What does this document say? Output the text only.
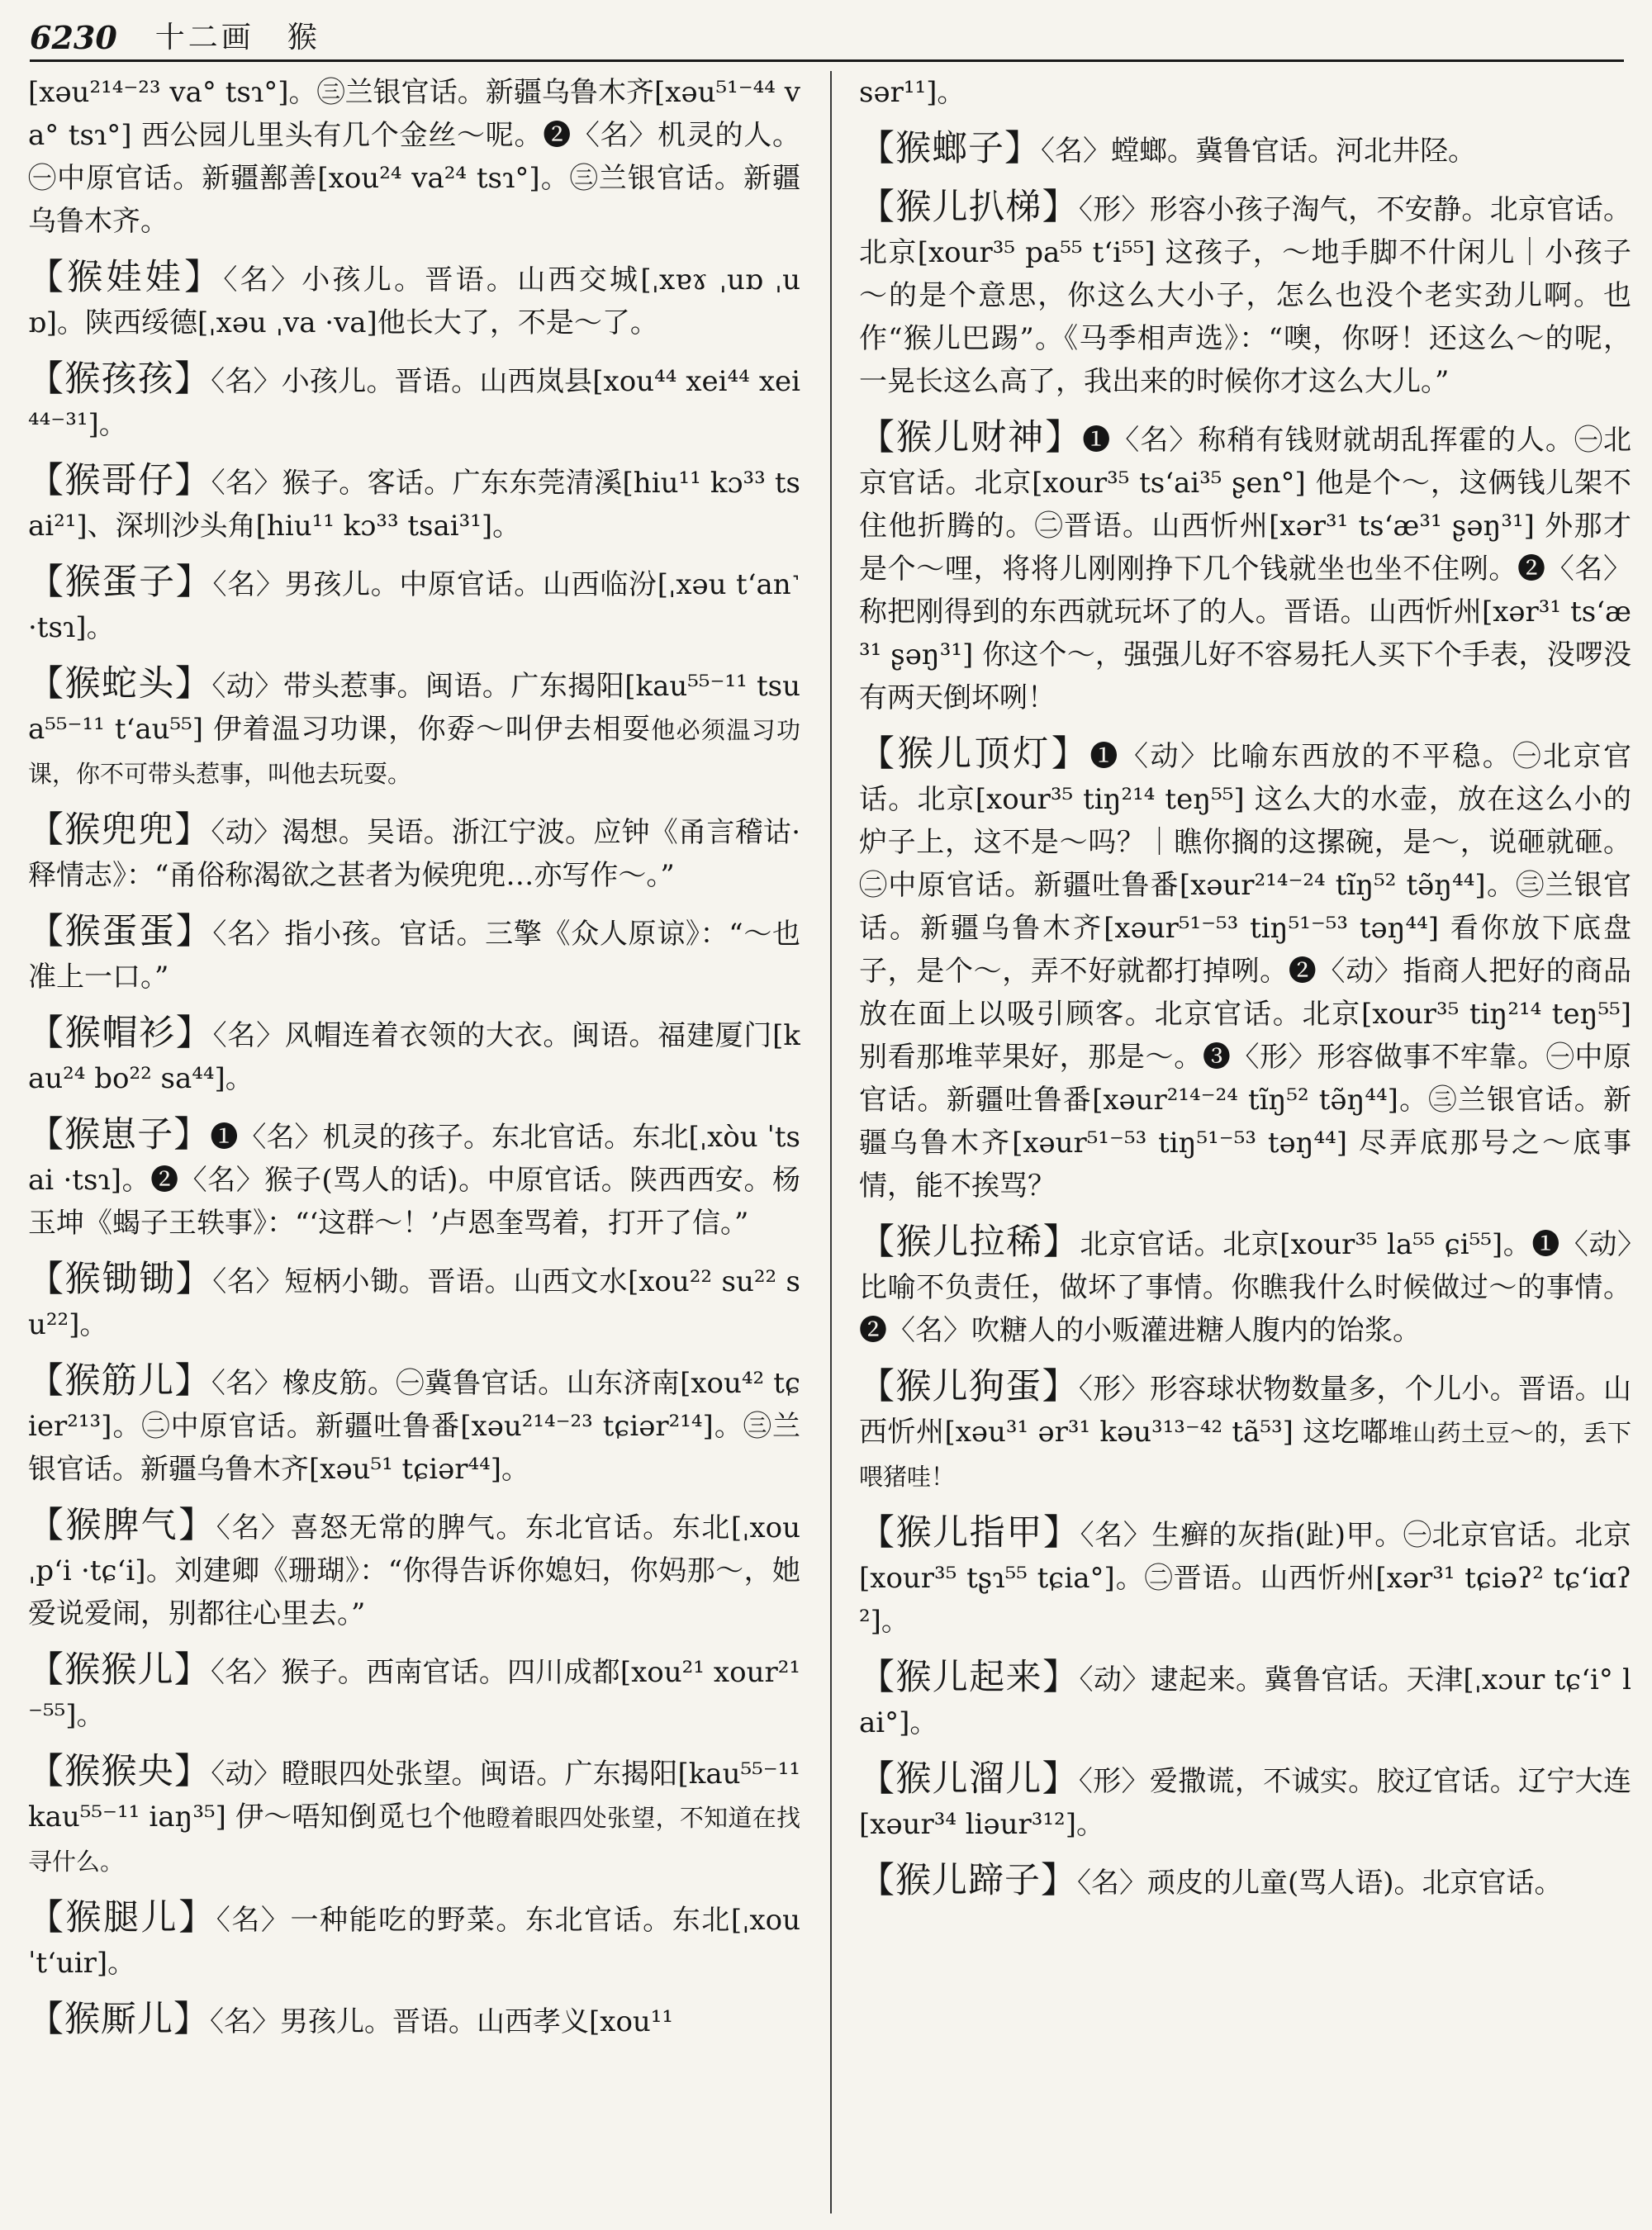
6230 十二画　猴

[xəu²¹⁴⁻²³ va° tsɿ°]。㊂兰银官话。新疆乌鲁木齐[xəu⁵¹⁻⁴⁴ va° tsɿ°] 西公园儿里头有几个金丝～呢。❷〈名〉机灵的人。㊀中原官话。新疆鄯善[xou²⁴ va²⁴ tsɿ°]。㊂兰银官话。新疆乌鲁木齐。

【猴娃娃】〈名〉小孩儿。晋语。山西交城[ˌxɐɤ ˌuɒ ˌuɒ]。陕西绥德[ˌxəu ˌva ·va]他长大了，不是～了。

【猴孩孩】〈名〉小孩儿。晋语。山西岚县[xou⁴⁴ xei⁴⁴ xei⁴⁴⁻³¹]。

【猴哥仔】〈名〉猴子。客话。广东东莞清溪[hiu¹¹ kɔ³³ tsai²¹]、深圳沙头角[hiu¹¹ kɔ³³ tsai³¹]。

【猴蛋子】〈名〉男孩儿。中原官话。山西临汾[ˌxəu t‘an˺ ·tsɿ]。

【猴蛇头】〈动〉带头惹事。闽语。广东揭阳[kau⁵⁵⁻¹¹ tsua⁵⁵⁻¹¹ t‘au⁵⁵] 伊着温习功课，你孬～叫伊去相耍他必须温习功课，你不可带头惹事，叫他去玩耍。

【猴兜兜】〈动〉渴想。吴语。浙江宁波。应钟《甬言稽诂·释情志》：“甬俗称渴欲之甚者为候兜兜…亦写作～。”

【猴蛋蛋】〈名〉指小孩。官话。三擎《众人原谅》：“～也准上一口。”

【猴帽衫】〈名〉风帽连着衣领的大衣。闽语。福建厦门[kau²⁴ bo²² sa⁴⁴]。

【猴崽子】❶〈名〉机灵的孩子。东北官话。东北[ˌxòu ˈtsai ·tsɿ]。❷〈名〉猴子(骂人的话)。中原官话。陕西西安。杨玉坤《蝎子王轶事》：“‘这群～！’卢恩奎骂着，打开了信。”

【猴锄锄】〈名〉短柄小锄。晋语。山西文水[xou²² su²² su²²]。

【猴筋儿】〈名〉橡皮筋。㊀冀鲁官话。山东济南[xou⁴² tɕier²¹³]。㊁中原官话。新疆吐鲁番[xəu²¹⁴⁻²³ tɕiər²¹⁴]。㊂兰银官话。新疆乌鲁木齐[xəu⁵¹ tɕiər⁴⁴]。

【猴脾气】〈名〉喜怒无常的脾气。东北官话。东北[ˌxou ˌp‘i ·tɕ‘i]。刘建卿《珊瑚》：“你得告诉你媳妇，你妈那～，她爱说爱闹，别都往心里去。”

【猴猴儿】〈名〉猴子。西南官话。四川成都[xou²¹ xour²¹⁻⁵⁵]。

【猴猴央】〈动〉瞪眼四处张望。闽语。广东揭阳[kau⁵⁵⁻¹¹ kau⁵⁵⁻¹¹ iaŋ³⁵] 伊～唔知倒觅乜个他瞪着眼四处张望，不知道在找寻什么。

【猴腿儿】〈名〉一种能吃的野菜。东北官话。东北[ˌxou ˈt‘uir]。

【猴厮儿】〈名〉男孩儿。晋语。山西孝义[xou¹¹

sər¹¹]。

【猴螂子】〈名〉螳螂。冀鲁官话。河北井陉。

【猴儿扒梯】〈形〉形容小孩子淘气，不安静。北京官话。北京[xour³⁵ pa⁵⁵ t‘i⁵⁵] 这孩子，～地手脚不什闲儿｜小孩子～的是个意思，你这么大小子，怎么也没个老实劲儿啊。也作“猴儿巴踢”。《马季相声选》：“噢，你呀！还这么～的呢，一晃长这么高了，我出来的时候你才这么大儿。”

【猴儿财神】❶〈名〉称稍有钱财就胡乱挥霍的人。㊀北京官话。北京[xour³⁵ ts‘ai³⁵ ʂen°] 他是个～，这俩钱儿架不住他折腾的。㊁晋语。山西忻州[xər³¹ ts‘æ³¹ ʂəŋ³¹] 外那才是个～哩，将将儿刚刚挣下几个钱就坐也坐不住咧。❷〈名〉称把刚得到的东西就玩坏了的人。晋语。山西忻州[xər³¹ ts‘æ³¹ ʂəŋ³¹] 你这个～，强强儿好不容易托人买下个手表，没啰没有两天倒坏咧！

【猴儿顶灯】❶〈动〉比喻东西放的不平稳。㊀北京官话。北京[xour³⁵ tiŋ²¹⁴ teŋ⁵⁵] 这么大的水壶，放在这么小的炉子上，这不是～吗？｜瞧你搁的这摞碗，是～，说砸就砸。㊁中原官话。新疆吐鲁番[xəur²¹⁴⁻²⁴ tĩŋ⁵² tə̃ŋ⁴⁴]。㊂兰银官话。新疆乌鲁木齐[xəur⁵¹⁻⁵³ tiŋ⁵¹⁻⁵³ təŋ⁴⁴] 看你放下底盘子，是个～，弄不好就都打掉咧。❷〈动〉指商人把好的商品放在面上以吸引顾客。北京官话。北京[xour³⁵ tiŋ²¹⁴ teŋ⁵⁵] 别看那堆苹果好，那是～。❸〈形〉形容做事不牢靠。㊀中原官话。新疆吐鲁番[xəur²¹⁴⁻²⁴ tĩŋ⁵² tə̃ŋ⁴⁴]。㊂兰银官话。新疆乌鲁木齐[xəur⁵¹⁻⁵³ tiŋ⁵¹⁻⁵³ təŋ⁴⁴] 尽弄底那号之～底事情，能不挨骂？

【猴儿拉稀】北京官话。北京[xour³⁵ la⁵⁵ ɕi⁵⁵]。❶〈动〉比喻不负责任，做坏了事情。你瞧我什么时候做过～的事情。❷〈名〉吹糖人的小贩灌进糖人腹内的饴浆。

【猴儿狗蛋】〈形〉形容球状物数量多，个儿小。晋语。山西忻州[xəu³¹ ər³¹ kəu³¹³⁻⁴² tã⁵³] 这圪嘟堆山药土豆～的，丢下喂猪哇！

【猴儿指甲】〈名〉生癣的灰指(趾)甲。㊀北京官话。北京[xour³⁵ tʂɿ⁵⁵ tɕia°]。㊁晋语。山西忻州[xər³¹ tɕiəʔ² tɕ‘iɑʔ²]。

【猴儿起来】〈动〉逮起来。冀鲁官话。天津[ˌxɔur tɕ‘i° lai°]。

【猴儿溜儿】〈形〉爱撒谎，不诚实。胶辽官话。辽宁大连[xəur³⁴ liəur³¹²]。

【猴儿蹄子】〈名〉顽皮的儿童(骂人语)。北京官话。
